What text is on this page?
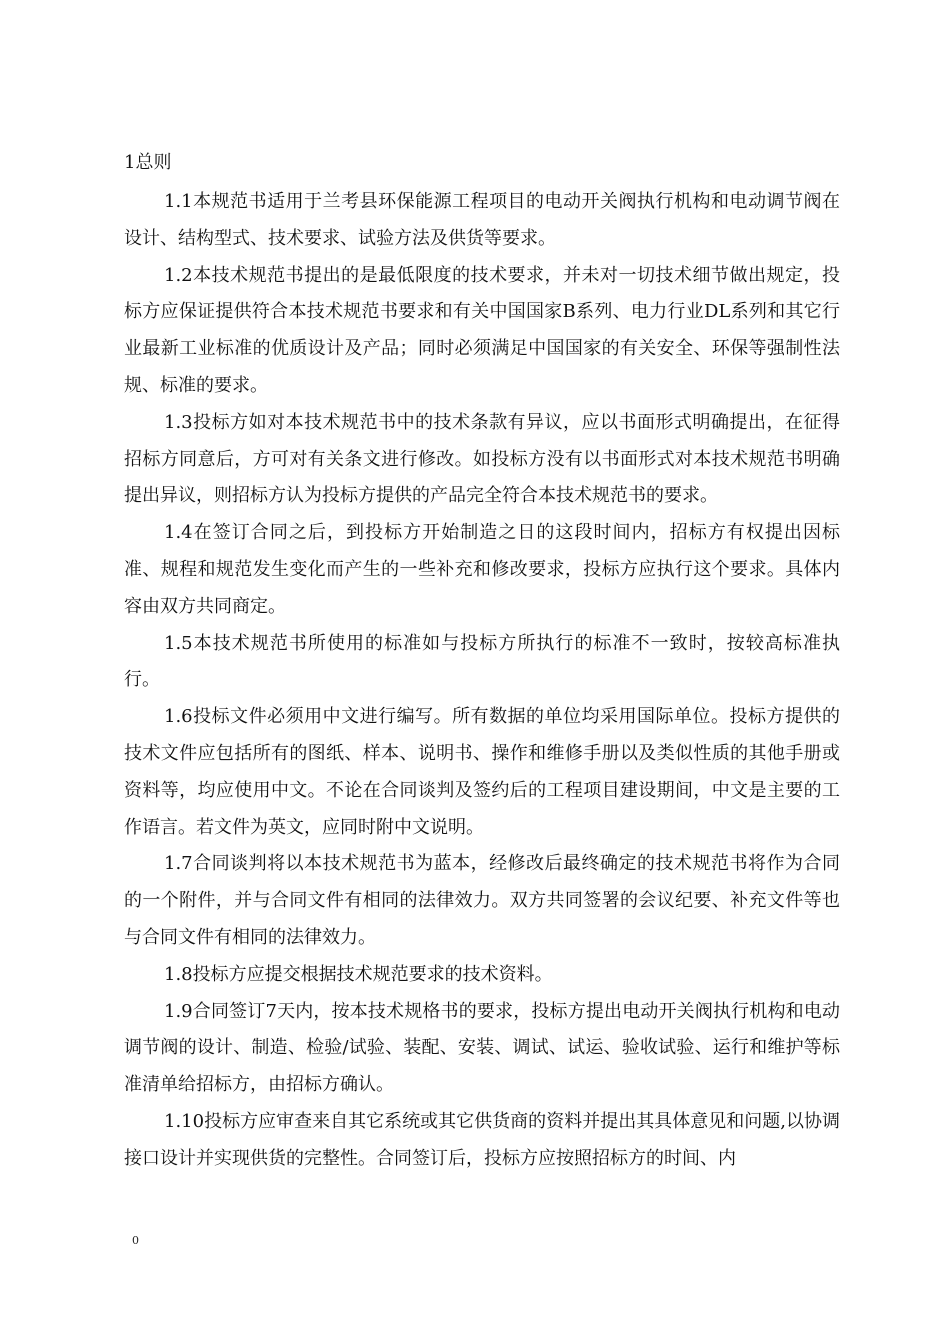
1总则

1.1本规范书适用于兰考县环保能源工程项目的电动开关阀执行机构和电动调节阀在设计、结构型式、技术要求、试验方法及供货等要求。

1.2本技术规范书提出的是最低限度的技术要求，并未对一切技术细节做出规定，投标方应保证提供符合本技术规范书要求和有关中国国家B系列、电力行业DL系列和其它行业最新工业标准的优质设计及产品；同时必须满足中国国家的有关安全、环保等强制性法规、标准的要求。

1.3投标方如对本技术规范书中的技术条款有异议，应以书面形式明确提出，在征得招标方同意后，方可对有关条文进行修改。如投标方没有以书面形式对本技术规范书明确提出异议，则招标方认为投标方提供的产品完全符合本技术规范书的要求。

1.4在签订合同之后，到投标方开始制造之日的这段时间内，招标方有权提出因标准、规程和规范发生变化而产生的一些补充和修改要求，投标方应执行这个要求。具体内容由双方共同商定。

1.5本技术规范书所使用的标准如与投标方所执行的标准不一致时，按较高标准执行。

1.6投标文件必须用中文进行编写。所有数据的单位均采用国际单位。投标方提供的技术文件应包括所有的图纸、样本、说明书、操作和维修手册以及类似性质的其他手册或资料等，均应使用中文。不论在合同谈判及签约后的工程项目建设期间，中文是主要的工作语言。若文件为英文，应同时附中文说明。

1.7合同谈判将以本技术规范书为蓝本，经修改后最终确定的技术规范书将作为合同的一个附件，并与合同文件有相同的法律效力。双方共同签署的会议纪要、补充文件等也与合同文件有相同的法律效力。

1.8投标方应提交根据技术规范要求的技术资料。

1.9合同签订7天内，按本技术规格书的要求，投标方提出电动开关阀执行机构和电动调节阀的设计、制造、检验/试验、装配、安装、调试、试运、验收试验、运行和维护等标准清单给招标方，由招标方确认。

1.10投标方应审查来自其它系统或其它供货商的资料并提出其具体意见和问题,以协调接口设计并实现供货的完整性。合同签订后，投标方应按照招标方的时间、内

0
